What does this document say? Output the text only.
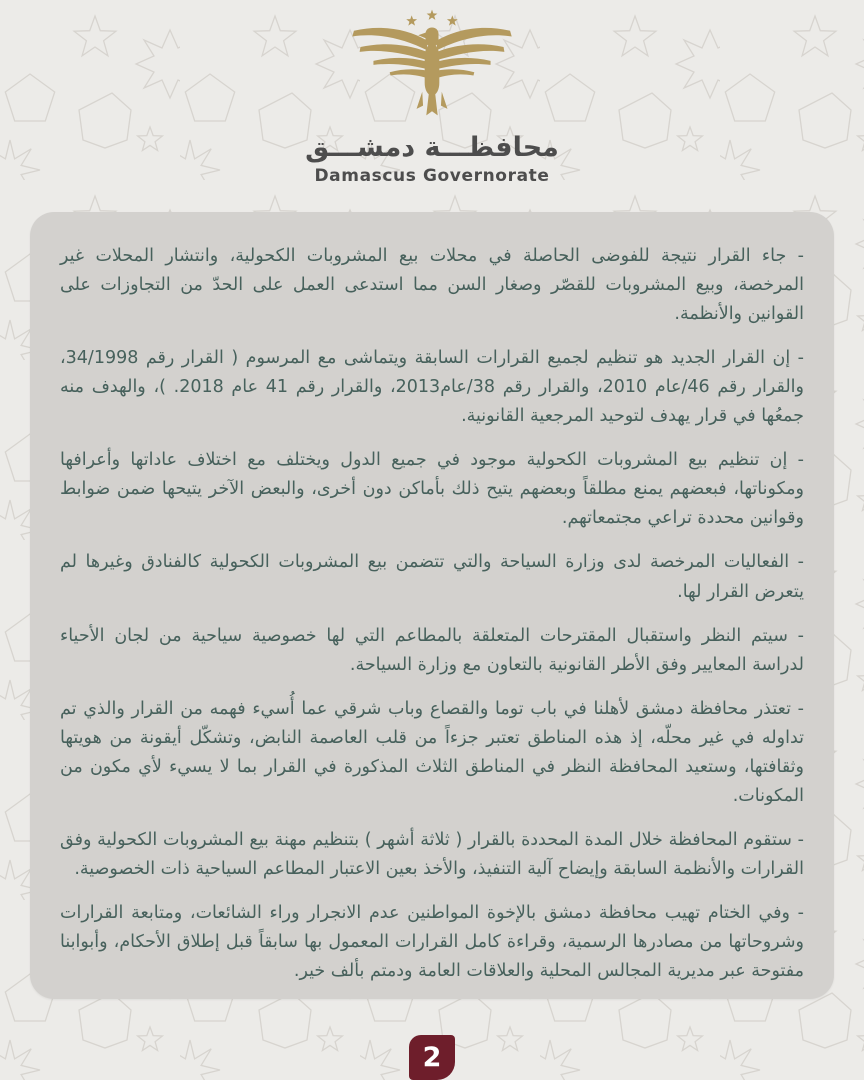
محافظـــة دمشـــق
Damascus Governorate

- جاء القرار نتيجة للفوضى الحاصلة في محلات بيع المشروبات الكحولية، وانتشار المحلات غير المرخصة، وبيع المشروبات للقصّر وصغار السن مما استدعى العمل على الحدّ من التجاوزات على القوانين والأنظمة.

- إن القرار الجديد هو تنظيم لجميع القرارات السابقة ويتماشى مع المرسوم ( القرار رقم 34/1998، والقرار رقم 46/عام 2010، والقرار رقم 38/عام2013، والقرار رقم 41 عام 2018. )، والهدف منه جمعُها في قرار يهدف لتوحيد المرجعية القانونية.

- إن تنظيم بيع المشروبات الكحولية موجود في جميع الدول ويختلف مع اختلاف عاداتها وأعرافها ومكوناتها، فبعضهم يمنع مطلقاً وبعضهم يتيح ذلك بأماكن دون أخرى، والبعض الآخر يتيحها ضمن ضوابط وقوانين محددة تراعي مجتمعاتهم.

- الفعاليات المرخصة لدى وزارة السياحة والتي تتضمن بيع المشروبات الكحولية كالفنادق وغيرها لم يتعرض القرار لها.

- سيتم النظر واستقبال المقترحات المتعلقة بالمطاعم التي لها خصوصية سياحية من لجان الأحياء لدراسة المعايير وفق الأطر القانونية بالتعاون مع وزارة السياحة.

- تعتذر محافظة دمشق لأهلنا في باب توما والقصاع وباب شرقي عما أُسيء فهمه من القرار والذي تم تداوله في غير محلّه، إذ هذه المناطق تعتبر جزءاً من قلب العاصمة النابض، وتشكّل أيقونة من هويتها وثقافتها، وستعيد المحافظة النظر في المناطق الثلاث المذكورة في القرار بما لا يسيء لأي مكون من المكونات.

- ستقوم المحافظة خلال المدة المحددة بالقرار ( ثلاثة أشهر ) بتنظيم مهنة بيع المشروبات الكحولية وفق القرارات والأنظمة السابقة وإيضاح آلية التنفيذ، والأخذ بعين الاعتبار المطاعم السياحية ذات الخصوصية.

- وفي الختام تهيب محافظة دمشق بالإخوة المواطنين عدم الانجرار وراء الشائعات، ومتابعة القرارات وشروحاتها من مصادرها الرسمية، وقراءة كامل القرارات المعمول بها سابقاً قبل إطلاق الأحكام، وأبوابنا مفتوحة عبر مديرية المجالس المحلية والعلاقات العامة ودمتم بألف خير.

2
